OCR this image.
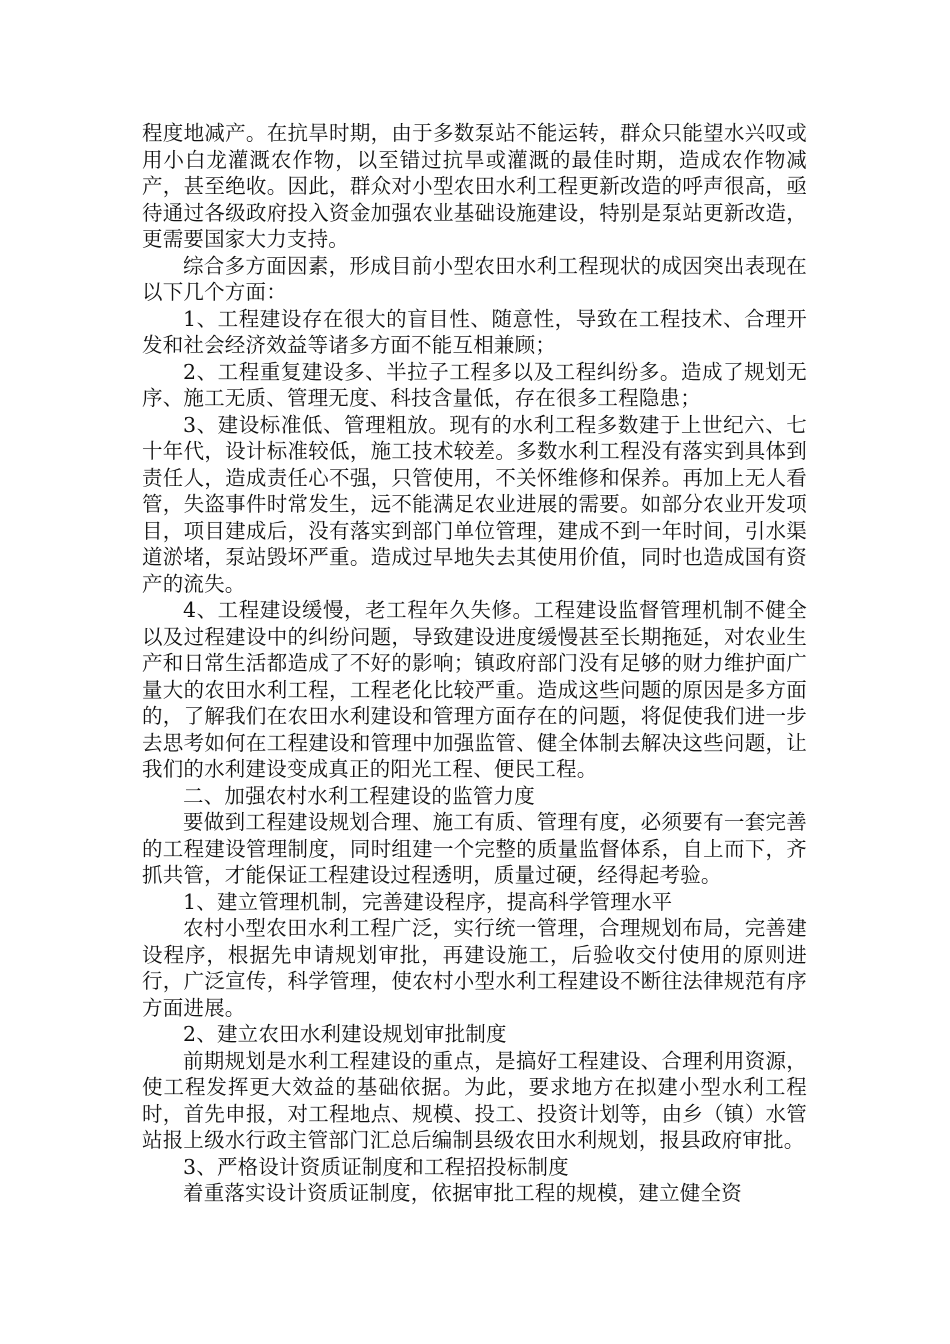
程度地减产。在抗旱时期，由于多数泵站不能运转，群众只能望水兴叹或用小白龙灌溉农作物，以至错过抗旱或灌溉的最佳时期，造成农作物减产，甚至绝收。因此，群众对小型农田水利工程更新改造的呼声很高，亟待通过各级政府投入资金加强农业基础设施建设，特别是泵站更新改造，更需要国家大力支持。

综合多方面因素，形成目前小型农田水利工程现状的成因突出表现在以下几个方面：

1、工程建设存在很大的盲目性、随意性，导致在工程技术、合理开发和社会经济效益等诸多方面不能互相兼顾；

2、工程重复建设多、半拉子工程多以及工程纠纷多。造成了规划无序、施工无质、管理无度、科技含量低，存在很多工程隐患；

3、建设标准低、管理粗放。现有的水利工程多数建于上世纪六、七十年代，设计标准较低，施工技术较差。多数水利工程没有落实到具体到责任人，造成责任心不强，只管使用，不关怀维修和保养。再加上无人看管，失盗事件时常发生，远不能满足农业进展的需要。如部分农业开发项目，项目建成后，没有落实到部门单位管理，建成不到一年时间，引水渠道淤堵，泵站毁坏严重。造成过早地失去其使用价值，同时也造成国有资产的流失。

4、工程建设缓慢，老工程年久失修。工程建设监督管理机制不健全以及过程建设中的纠纷问题，导致建设进度缓慢甚至长期拖延，对农业生产和日常生活都造成了不好的影响；镇政府部门没有足够的财力维护面广量大的农田水利工程，工程老化比较严重。造成这些问题的原因是多方面的，了解我们在农田水利建设和管理方面存在的问题，将促使我们进一步去思考如何在工程建设和管理中加强监管、健全体制去解决这些问题，让我们的水利建设变成真正的阳光工程、便民工程。

二、加强农村水利工程建设的监管力度

要做到工程建设规划合理、施工有质、管理有度，必须要有一套完善的工程建设管理制度，同时组建一个完整的质量监督体系，自上而下，齐抓共管，才能保证工程建设过程透明，质量过硬，经得起考验。

1、建立管理机制，完善建设程序，提高科学管理水平

农村小型农田水利工程广泛，实行统一管理，合理规划布局，完善建设程序，根据先申请规划审批，再建设施工，后验收交付使用的原则进行，广泛宣传，科学管理，使农村小型水利工程建设不断往法律规范有序方面进展。

2、建立农田水利建设规划审批制度

前期规划是水利工程建设的重点，是搞好工程建设、合理利用资源，使工程发挥更大效益的基础依据。为此，要求地方在拟建小型水利工程时，首先申报，对工程地点、规模、投工、投资计划等，由乡（镇）水管站报上级水行政主管部门汇总后编制县级农田水利规划，报县政府审批。

3、严格设计资质证制度和工程招投标制度

着重落实设计资质证制度，依据审批工程的规模，建立健全资
